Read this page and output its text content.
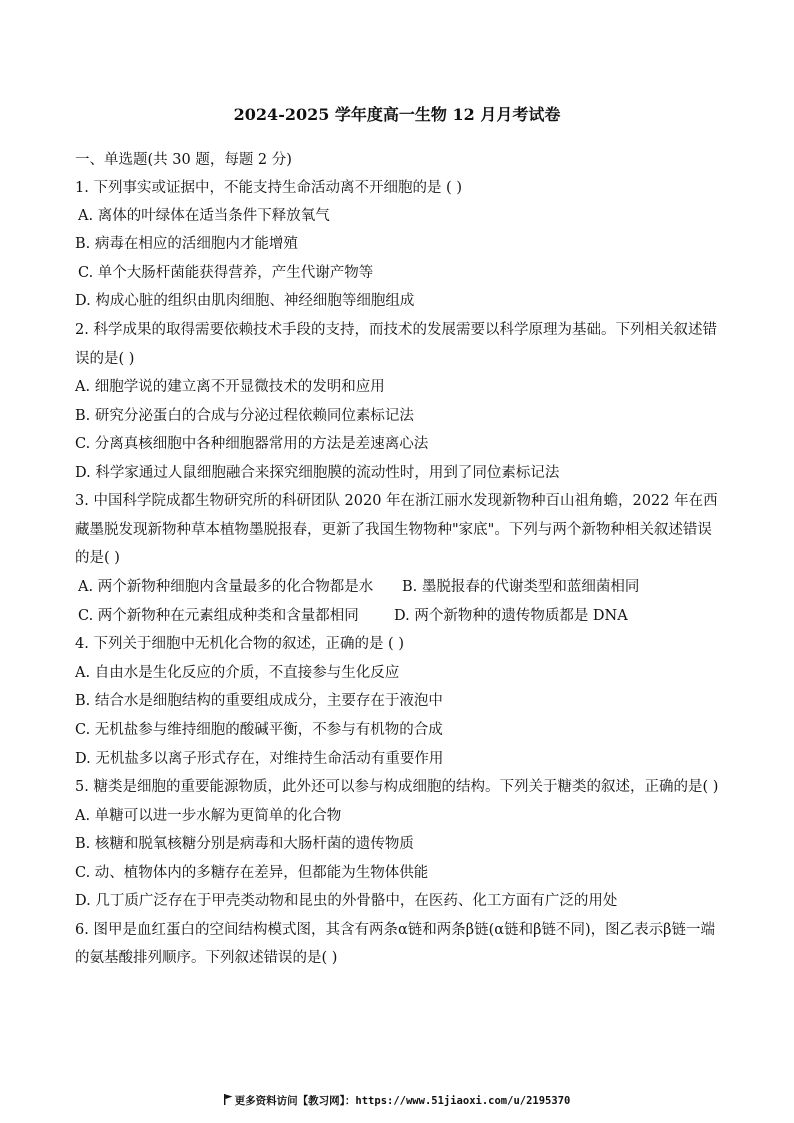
2024-2025 学年度高一生物 12 月月考试卷
一、单选题(共 30 题，每题 2 分)
1. 下列事实或证据中，不能支持生命活动离不开细胞的是 ( )
A. 离体的叶绿体在适当条件下释放氧气
B. 病毒在相应的活细胞内才能增殖
C. 单个大肠杆菌能获得营养，产生代谢产物等
D. 构成心脏的组织由肌肉细胞、神经细胞等细胞组成
2. 科学成果的取得需要依赖技术手段的支持，而技术的发展需要以科学原理为基础。下列相关叙述错
误的是( )
A. 细胞学说的建立离不开显微技术的发明和应用
B. 研究分泌蛋白的合成与分泌过程依赖同位素标记法
C. 分离真核细胞中各种细胞器常用的方法是差速离心法
D. 科学家通过人鼠细胞融合来探究细胞膜的流动性时，用到了同位素标记法
3. 中国科学院成都生物研究所的科研团队 2020 年在浙江丽水发现新物种百山祖角蟾，2022 年在西
藏墨脱发现新物种草本植物墨脱报春，更新了我国生物物种"家底"。下列与两个新物种相关叙述错误
的是( )
A. 两个新物种细胞内含量最多的化合物都是水 B. 墨脱报春的代谢类型和蓝细菌相同
C. 两个新物种在元素组成种类和含量都相同 D. 两个新物种的遗传物质都是 DNA
4. 下列关于细胞中无机化合物的叙述，正确的是 ( )
A. 自由水是生化反应的介质，不直接参与生化反应
B. 结合水是细胞结构的重要组成成分，主要存在于液泡中
C. 无机盐参与维持细胞的酸碱平衡，不参与有机物的合成
D. 无机盐多以离子形式存在，对维持生命活动有重要作用
5. 糖类是细胞的重要能源物质，此外还可以参与构成细胞的结构。下列关于糖类的叙述，正确的是( )
A. 单糖可以进一步水解为更简单的化合物
B. 核糖和脱氧核糖分别是病毒和大肠杆菌的遗传物质
C. 动、植物体内的多糖存在差异，但都能为生物体供能
D. 几丁质广泛存在于甲壳类动物和昆虫的外骨骼中，在医药、化工方面有广泛的用处
6. 图甲是血红蛋白的空间结构模式图，其含有两条α链和两条β链(α链和β链不同)，图乙表示β链一端
的氨基酸排列顺序。下列叙述错误的是( )
更多资料访问【教习网】：https://www.51jiaoxi.com/u/2195370
